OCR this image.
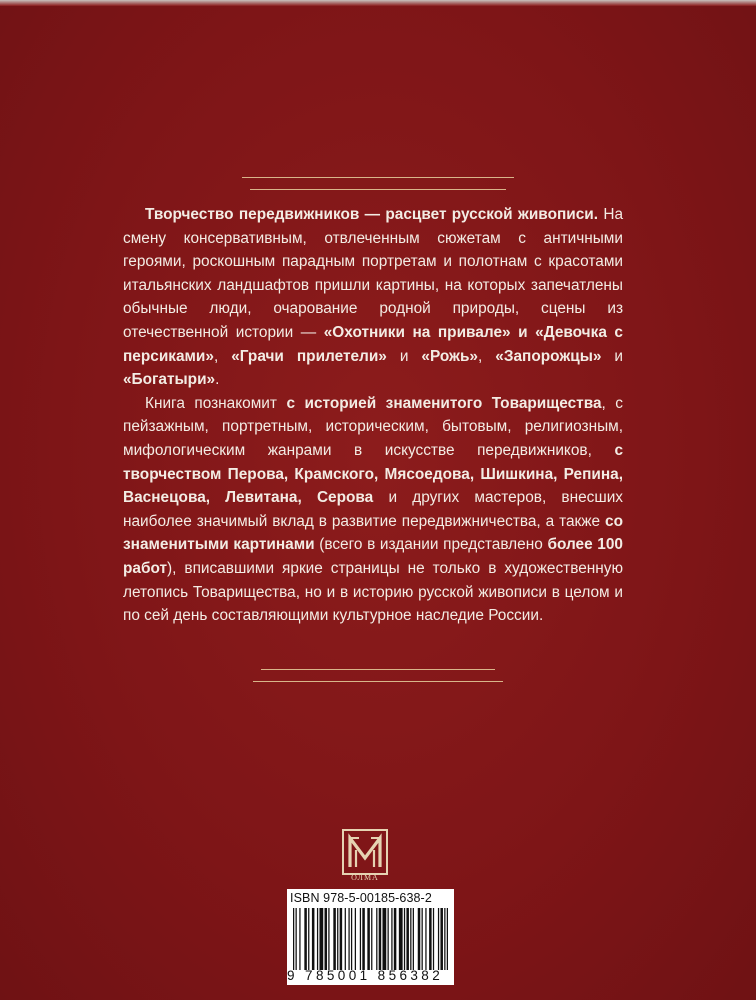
Творчество передвижников — расцвет русской живописи. На смену консервативным, отвлеченным сюжетам с античными героями, роскошным парадным портретам и полотнам с красотами итальянских ландшафтов пришли картины, на которых запечатлены обычные люди, очарование родной природы, сцены из отечественной истории — «Охотники на привале» и «Девочка с персиками», «Грачи прилетели» и «Рожь», «Запорожцы» и «Богатыри».

Книга познакомит с историей знаменитого Товарищества, с пейзажным, портретным, историческим, бытовым, религиозным, мифологическим жанрами в искусстве передвижников, с творчеством Перова, Крамского, Мясоедова, Шишкина, Репина, Васнецова, Левитана, Серова и других мастеров, внесших наиболее значимый вклад в развитие передвижничества, а также со знаменитыми картинами (всего в издании представлено более 100 работ), вписавшими яркие страницы не только в художественную летопись Товарищества, но и в историю русской живописи в целом и по сей день составляющими культурное наследие России.

ОЛМА
ISBN 978-5-00185-638-2
9 785001 856382
